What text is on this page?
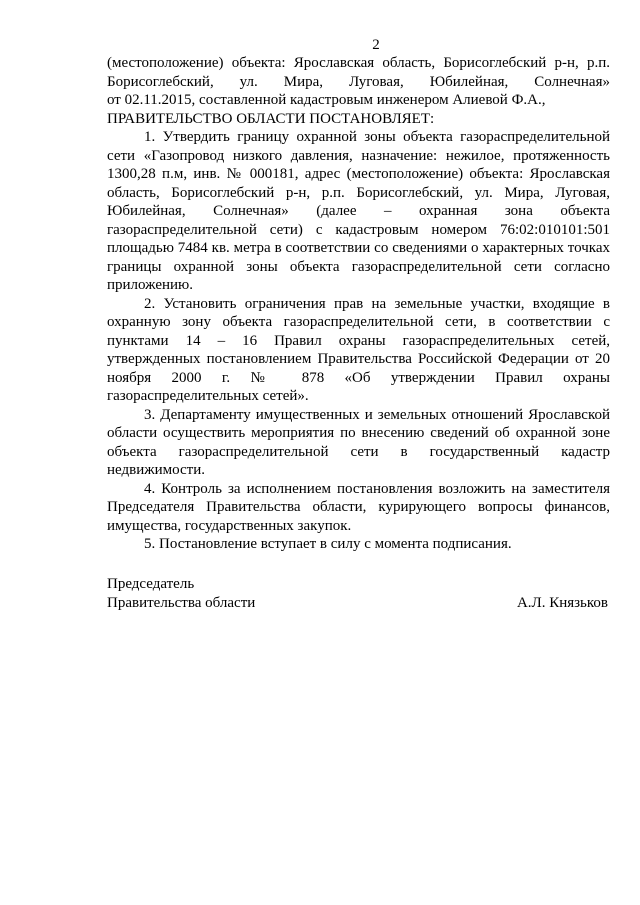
2

(местоположение) объекта: Ярославская область, Борисоглебский р-н, р.п. Борисоглебский, ул. Мира, Луговая, Юбилейная, Солнечная»

от 02.11.2015, составленной кадастровым инженером Алиевой Ф.А.,

ПРАВИТЕЛЬСТВО ОБЛАСТИ ПОСТАНОВЛЯЕТ:

1. Утвердить границу охранной зоны объекта газораспределительной сети «Газопровод низкого давления, назначение: нежилое, протяженность 1300,28 п.м, инв. № 000181, адрес (местоположение) объекта: Ярославская область, Борисоглебский р-н, р.п. Борисоглебский, ул. Мира, Луговая, Юбилейная, Солнечная» (далее – охранная зона объекта газораспределительной сети) с кадастровым номером 76:02:010101:501 площадью 7484 кв. метра в соответствии со сведениями о характерных точках границы охранной зоны объекта газораспределительной сети согласно приложению.

2. Установить ограничения прав на земельные участки, входящие в охранную зону объекта газораспределительной сети, в соответствии с пунктами 14 – 16 Правил охраны газораспределительных сетей, утвержденных постановлением Правительства Российской Федерации от 20 ноября 2000 г. № 878 «Об утверждении Правил охраны газораспределительных сетей».

3. Департаменту имущественных и земельных отношений Ярославской области осуществить мероприятия по внесению сведений об охранной зоне объекта газораспределительной сети в государственный кадастр недвижимости.

4. Контроль за исполнением постановления возложить на заместителя Председателя Правительства области, курирующего вопросы финансов, имущества, государственных закупок.

5. Постановление вступает в силу с момента подписания.

Председатель
Правительства области	А.Л. Князьков
